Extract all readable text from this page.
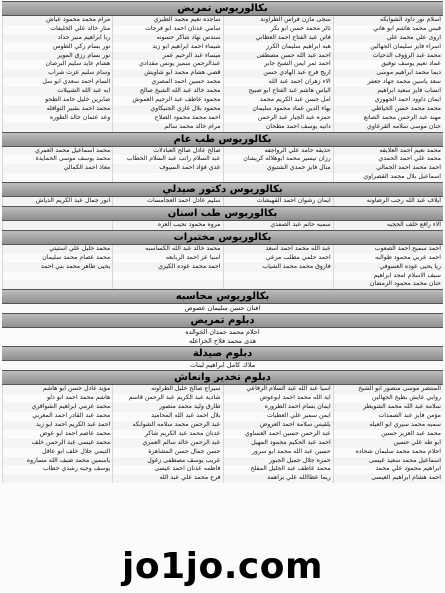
بكالوريوس تمريض
اسلام نور داود الشوابكه
سجى مازن فراس الطراونة
ساجده نعيم محمد الطبري
مرام محمد محمود عياش
قيس محمد هاشم ابو هاني
ثائر محمد حسن ابو بكر
سامي عدنان احمد ابو فرحات
منار خالد علي الخليفات
اروى علي محمد علي
فاتن عبد الفتاح احمد العطاني
سندس نهاد شاكر حسونه
ربا ابراهيم منير حداد
اسراء فايز سليمان الجهالين
هبه ابراهيم سليمان الكرز
شيماء احمد ابراهيم ابو زيد
نور بسام زكي الطوس
محمد عبد الرؤوف الدحيات
احمد عبد الله حسن مصطفى
ميساء عبد الرحيم عمر
نور بسام رزق الموير
عماد نعيم يوسف توفيق
احمد ثمر ايمن الشيخ جابر
عبدالرحمن سمير يونس مقدادي
هشام عايد سليم البرصان
ديما محمد ابراهيم موسى
اريج فرج عبد الهادي حسن
قصي هشام محمد ابو شاويش
وسام سليم عزت شراب
سعد ياسين محمد جهاد جعفر
الاء زهران احمد عبد الله
محمد حسين احمد المصري
السام احمد سعدي ابو سل
انساب فايز سعيد ابراهيم
الياس هاشم عبد الفتاح ابو صبيح
محمد خالد عبد الله الشيخ صالح
ايه عبد الله الشبيلات
ايمان داوود احمد الجهوري
امل حسن عبد الكريم محمد
محمود عاطف عبد الرحيم العموش
صابرين خليل حامد الطحو
محمد محمد حسن الخياطي
بهاء الدين عماد محمود سليمان
محمود بلال غازي الجنيكاوي
محمد احمد بشير النوافله
مهند عبد الرحمن محمد الصانع
حمزه عبد الجبار عبد الرحمن
احمد محمد محمود الصلاح
وعد عثمان خالد الطوره
حنان موسى سلامه القرعاوي
دانيه يوسف احمد مطحان
مرام خالد محمد سالم
بكالوريوس طب عام
محمد نعيم احمد العلايقه
حذيفه حامد علي الرواجفه
صالح عادل صالح العبادلات
محمد اسماعيل محمد العمري
محمد علي احمد الحمدي
رزان تيسير محمد ابوهلاله كريشان
عبد السلام راتب عبد السلام الخطاب
محمد يوسف موسى الحمايدة
احمد محمد احمد الجمالي
منال فايز حمدي الشتيوي
عدي فؤاد احمد السيوف
معاذ احمد الكمالي
اسماعيل بلال محمد القصراوي
بكالوريوس دكتور صيدلي
ايلاف عبد الله رجب الرضاونه
ايمان رشوان احمد القهيشات
سليم عادل احمد العجامسات
انور جمال عبد الكريم الدياش
بكالوريوس طب اسنان
الاء رافع خلف الحجيه
سميه حاتم عبد الصفدي
مروه محمود نجيب العزه
بكالوريوس مختبرات
احمد سميح احمد الصعوب
عبد الله محمد احمد اسعد
محمد خالد عبد الله الكساسبه
محمد خليل علي استيتي
احمد عربي محمود طوالبه
احمد حلمي مطلب مرعي
اسيا عز احمد الربايعه
محمد عصام محمد سليمان
ريا يحيى عوده العسوفي
فاروق محمد محمد الشياب
احمد محمد عوده الكيزي
يحيى طاهر محمد بني احمد
سيف الاسلام امجد ابراهيم
حنان محمد محمود الرمضان
بكالوريوس محاسبه
افنان حسن سليمان عصوص
دبلوم تمريض
احلام محمد حمدان الخوالده
هدى محمد فلاح الخزاعله
دبلوم صيدلة
ملاك كامل ابراهيم لبنات
دبلوم تخدير وانعاش
المنتصر موسى منصور ابو الشيخ
اسيا عبد الله عبد السلام الرفاعي
سيراج صالح خليل الطراونه
مؤيد عادل حسن ابو هاشم
روابي عايش بطيخ الجهالين
اية الله محمد احمد ابوعوض
شادية عبد الكريم عبد الرحمن قاسم
هاشم محمد احمد ابو دلو
سلامة عبد الله محمد الشويطر
ايمان بسام احمد الطروره
طارق وليد محمد منصور
محمد عزمي ابراهيم الشواقري
مؤمن فايز عبد الصمدات
ايمن سمير علي العطيات
بلال احمد عبد الله المحاميد
محمد عبد القادر احمد المغربي
سميه محمد سيري ابو العيله
بلقيس سلامة احمد العروض
عبد الرحمن محمد سلامه الشوابكه
احمد عبد الكريم احمد ابو زيد
محمد عبد العزيز حسين
عبد الرحمن حسين احمد العساوي
عدنان محمد عبد الكريم شاكر
محمد عاصم احمد ابو عوض
ابو طه علي حسين
احمد عبد الحكيم محمود المهيل
عبد الرحمن خالد سالم العمري
محمد عيسى عبد الرحمن خلف
احلام محمد محمد سليمان شحاده
حسين عبد الله محمد ابو سرور
حسن جمال حسن المشاهرة
التيمي جلال خلف ابو عاقل
اسماعيل محمد سعيد عيسى
حمزه جلال جميل الجبور
عريب يوسف مصطفى زغول
ياسمين محمد ضيف الله مساروه
ابراهيم محمود علي محمد
محمد عاطف عبد الجليل المفلح
فاطمه عدنان احمد عيسى
يوسف وجيه رشدي خطاب
احمد هشام ابراهيم العيسى
ريما عطاالله علي براهمة
فرح محمد علي عبد الله
jo1jo.com
